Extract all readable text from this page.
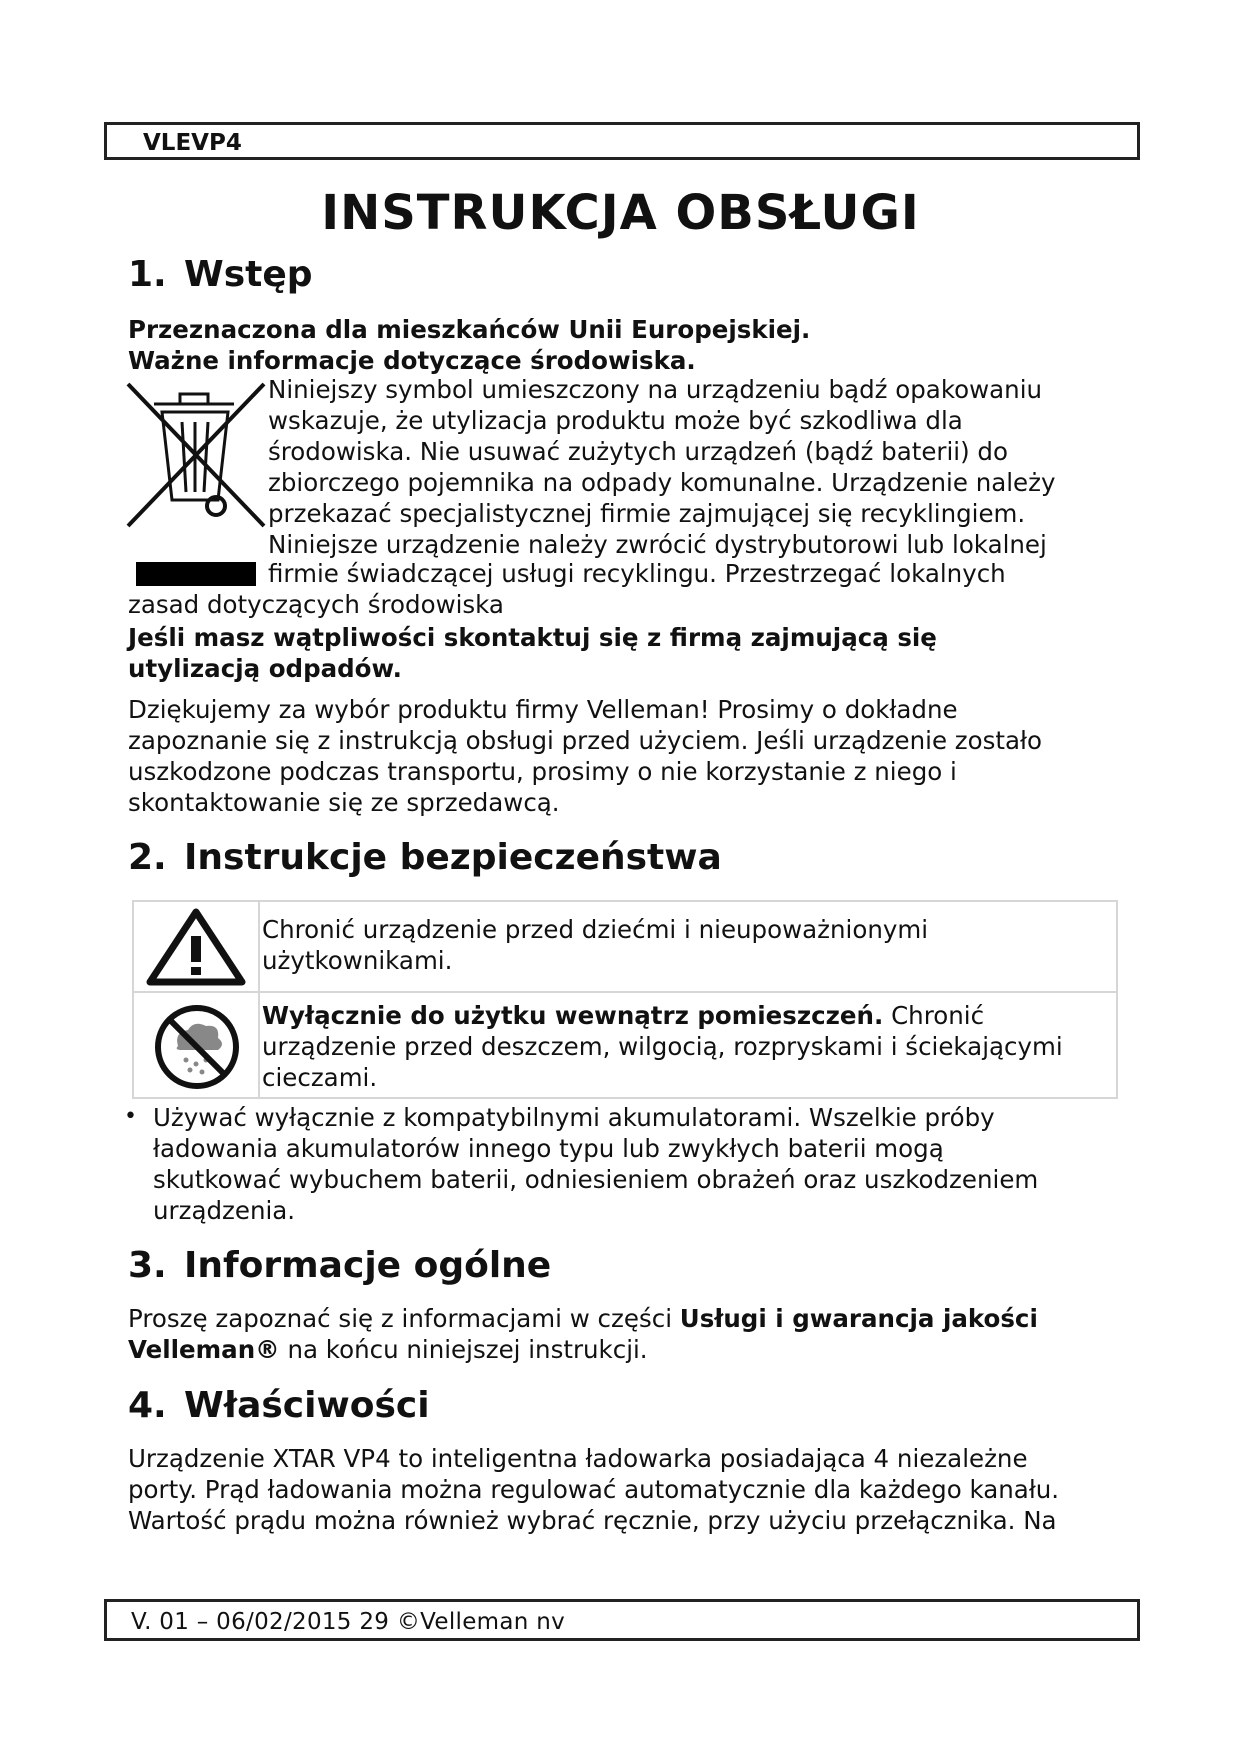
VLEVP4
INSTRUKCJA OBSŁUGI
1. Wstęp
Przeznaczona dla mieszkańców Unii Europejskiej.
Ważne informacje dotyczące środowiska.
Niniejszy symbol umieszczony na urządzeniu bądź opakowaniu
wskazuje, że utylizacja produktu może być szkodliwa dla
środowiska. Nie usuwać zużytych urządzeń (bądź baterii) do
zbiorczego pojemnika na odpady komunalne. Urządzenie należy
przekazać specjalistycznej firmie zajmującej się recyklingiem.
Niniejsze urządzenie należy zwrócić dystrybutorowi lub lokalnej
firmie świadczącej usługi recyklingu. Przestrzegać lokalnych
zasad dotyczących środowiska
Jeśli masz wątpliwości skontaktuj się z firmą zajmującą się
utylizacją odpadów.
Dziękujemy za wybór produktu firmy Velleman! Prosimy o dokładne
zapoznanie się z instrukcją obsługi przed użyciem. Jeśli urządzenie zostało
uszkodzone podczas transportu, prosimy o nie korzystanie z niego i
skontaktowanie się ze sprzedawcą.
2. Instrukcje bezpieczeństwa
Chronić urządzenie przed dziećmi i nieupoważnionymi
użytkownikami.
Wyłącznie do użytku wewnątrz pomieszczeń. Chronić
urządzenie przed deszczem, wilgocią, rozpryskami i ściekającymi
cieczami.
• Używać wyłącznie z kompatybilnymi akumulatorami. Wszelkie próby
ładowania akumulatorów innego typu lub zwykłych baterii mogą
skutkować wybuchem baterii, odniesieniem obrażeń oraz uszkodzeniem
urządzenia.
3. Informacje ogólne
Proszę zapoznać się z informacjami w części Usługi i gwarancja jakości
Velleman® na końcu niniejszej instrukcji.
4. Właściwości
Urządzenie XTAR VP4 to inteligentna ładowarka posiadająca 4 niezależne
porty. Prąd ładowania można regulować automatycznie dla każdego kanału.
Wartość prądu można również wybrać ręcznie, przy użyciu przełącznika. Na
V. 01 – 06/02/2015 29 ©Velleman nv
